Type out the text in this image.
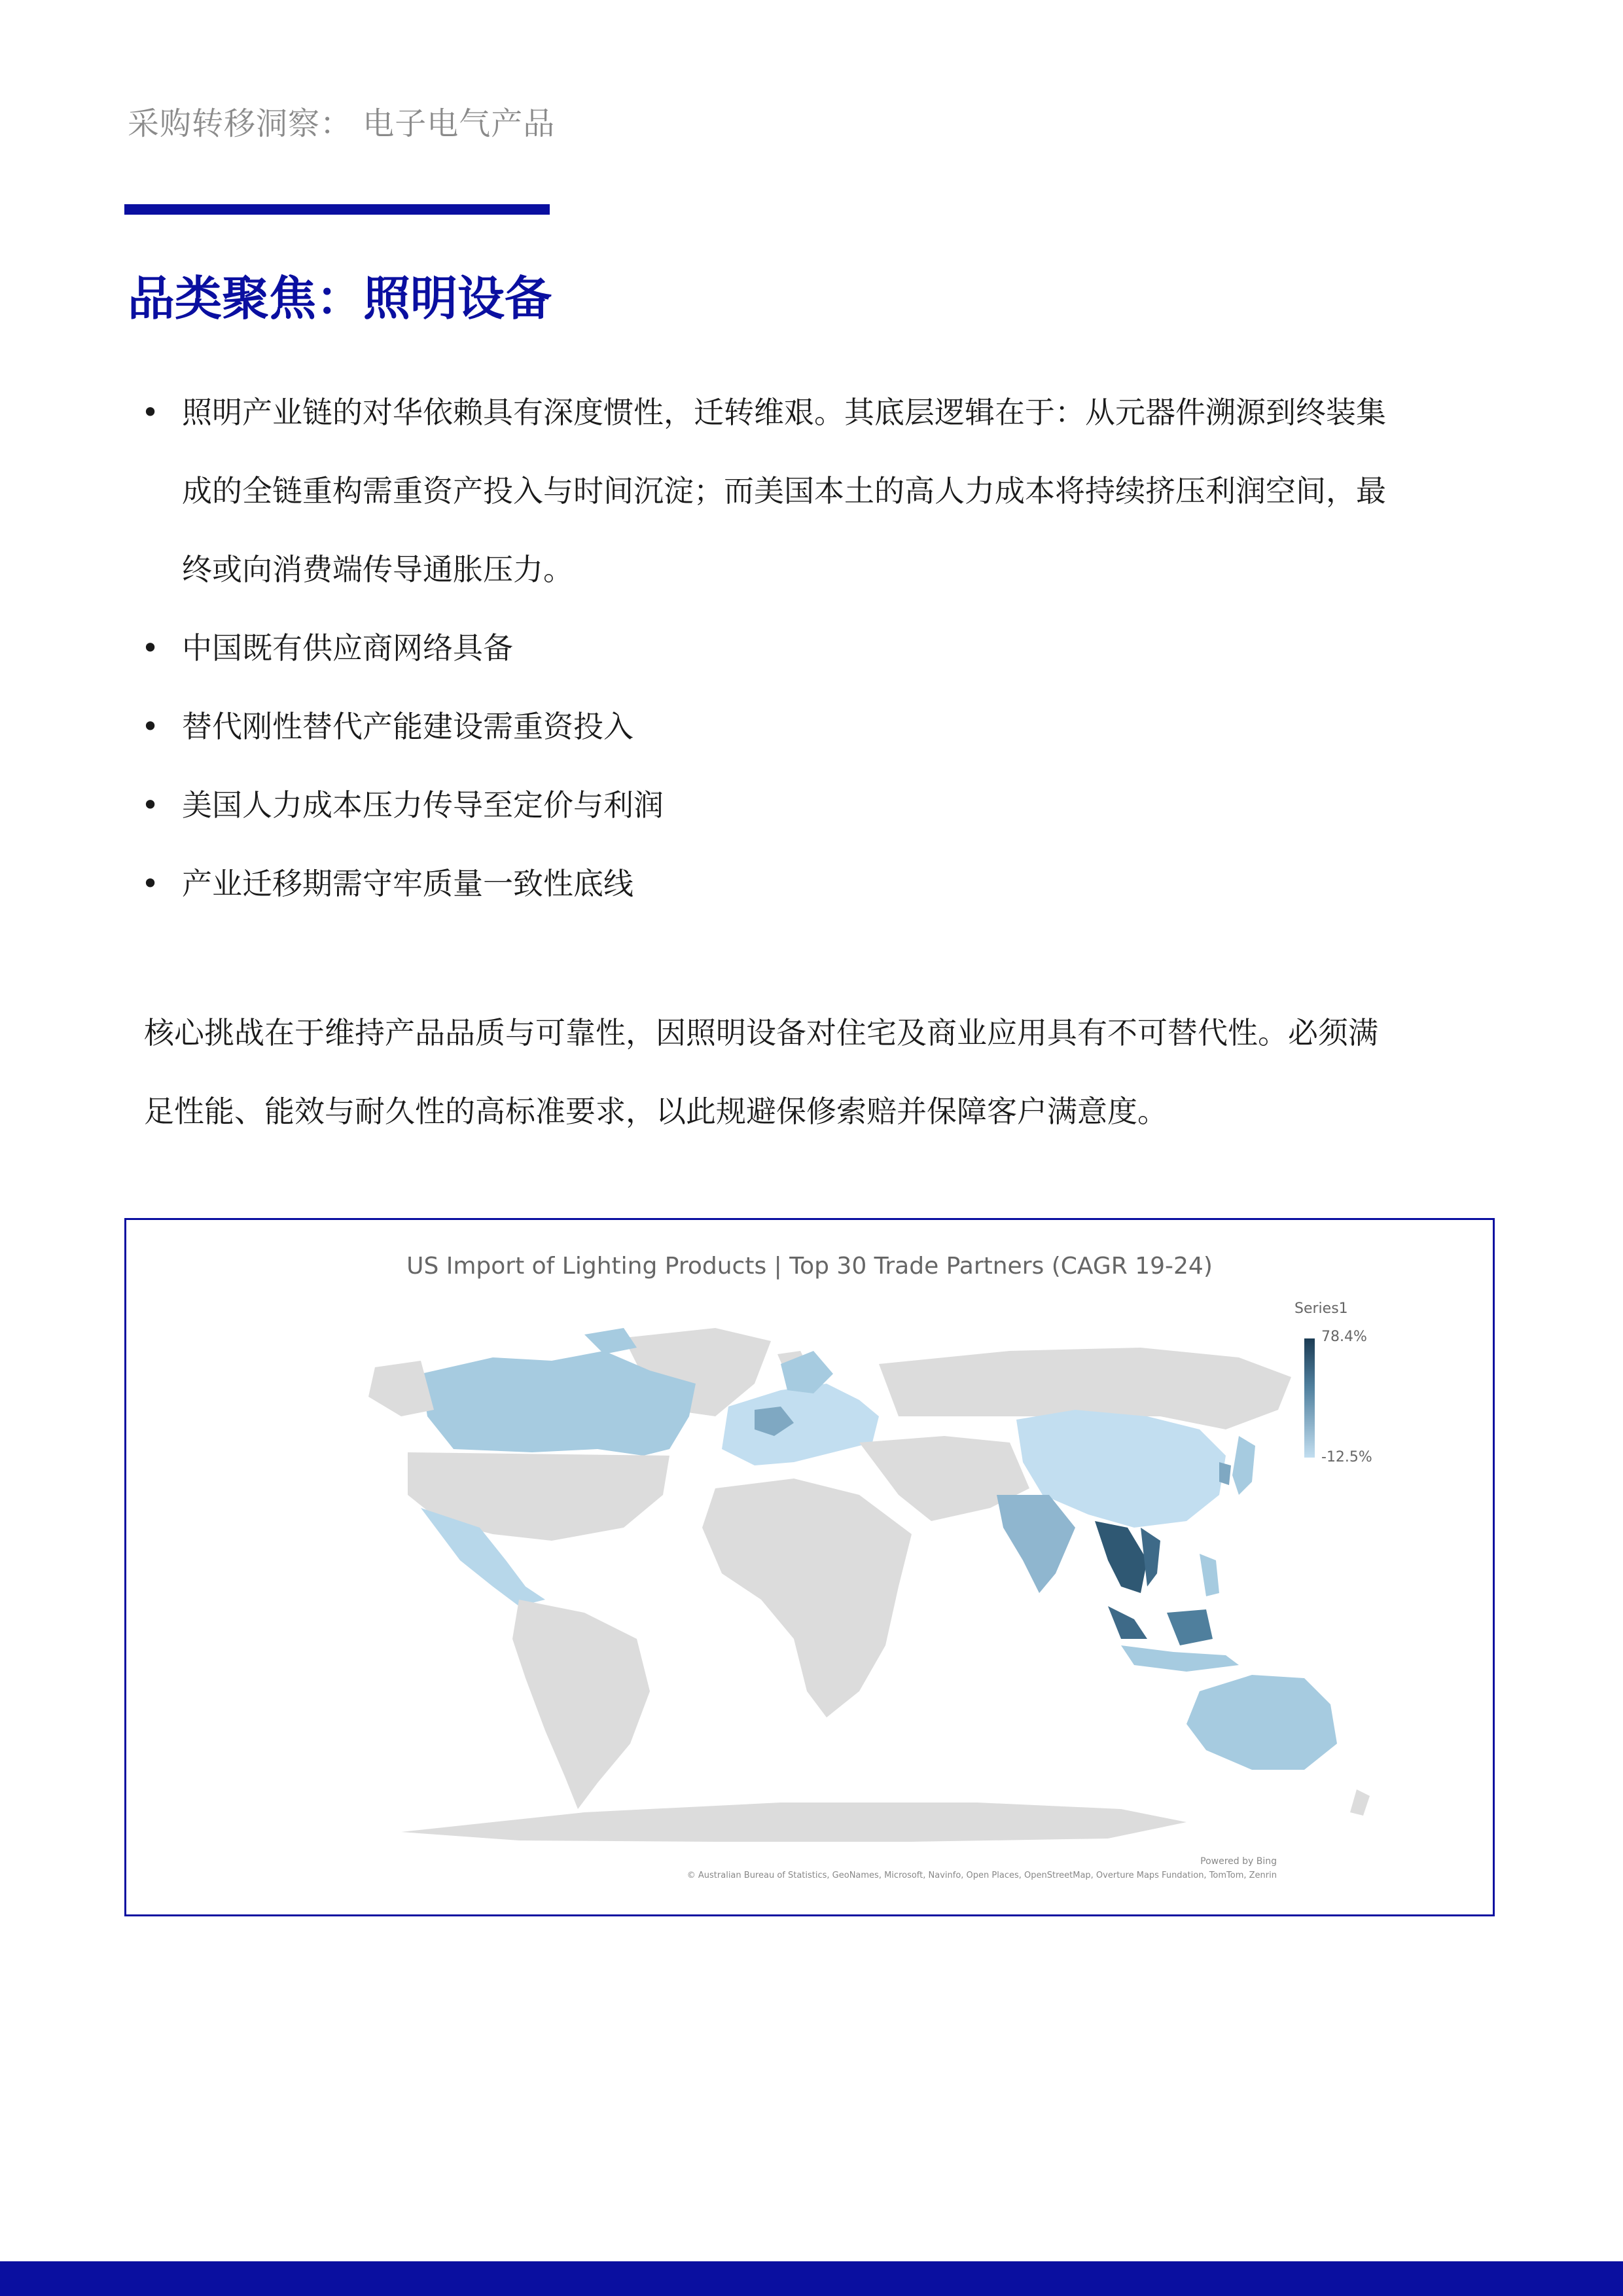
采购转移洞察： 电子电气产品
品类聚焦：照明设备
• 照明产业链的对华依赖具有深度惯性，迁转维艰。其底层逻辑在于：从元器件溯源到终装集
成的全链重构需重资产投入与时间沉淀；而美国本土的高人力成本将持续挤压利润空间，最
终或向消费端传导通胀压力。
• 中国既有供应商网络具备
• 替代刚性替代产能建设需重资投入
• 美国人力成本压力传导至定价与利润
• 产业迁移期需守牢质量一致性底线
核心挑战在于维持产品品质与可靠性，因照明设备对住宅及商业应用具有不可替代性。必须满
足性能、能效与耐久性的高标准要求，以此规避保修索赔并保障客户满意度。
US Import of Lighting Products | Top 30 Trade Partners (CAGR 19-24)
Series1
78.4%
-12.5%
Powered by Bing
© Australian Bureau of Statistics, GeoNames, Microsoft, Navinfo, Open Places, OpenStreetMap, Overture Maps Fundation, TomTom, Zenrin
